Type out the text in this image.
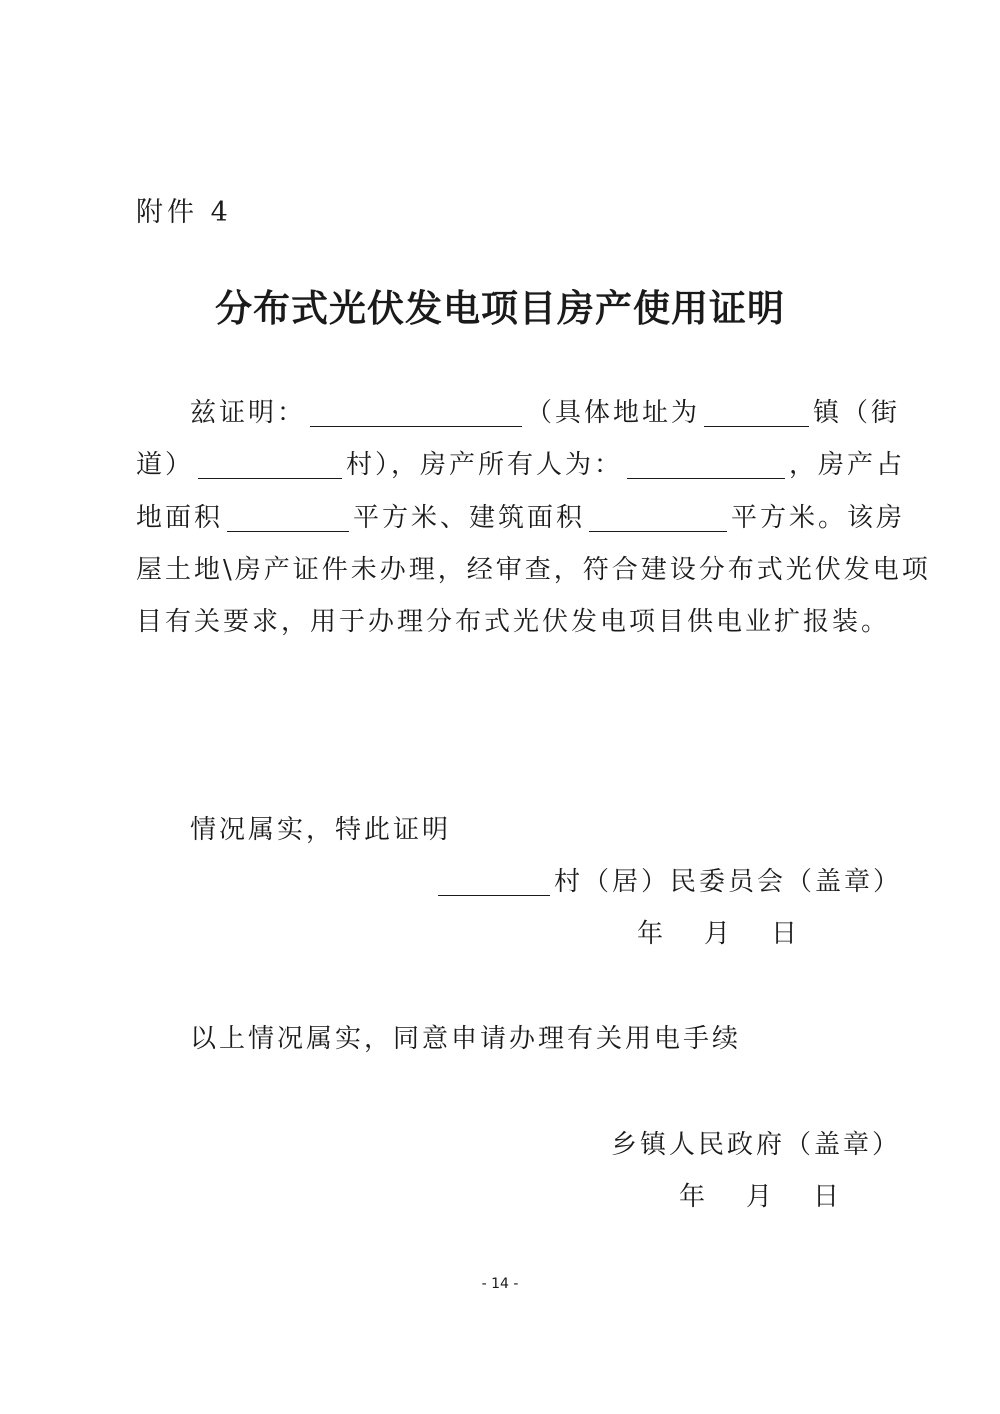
附件 4
分布式光伏发电项目房产使用证明
兹证明：	（具体地址为	镇（街
道）	村），房产所有人为：	，房产占
地面积	平方米、建筑面积	平方米。该房
屋土地\房产证件未办理，经审查，符合建设分布式光伏发电项
目有关要求，用于办理分布式光伏发电项目供电业扩报装。
情况属实，特此证明
村（居）民委员会（盖章）
年 月 日
以上情况属实，同意申请办理有关用电手续
乡镇人民政府（盖章）
年 月 日
- 14 -
